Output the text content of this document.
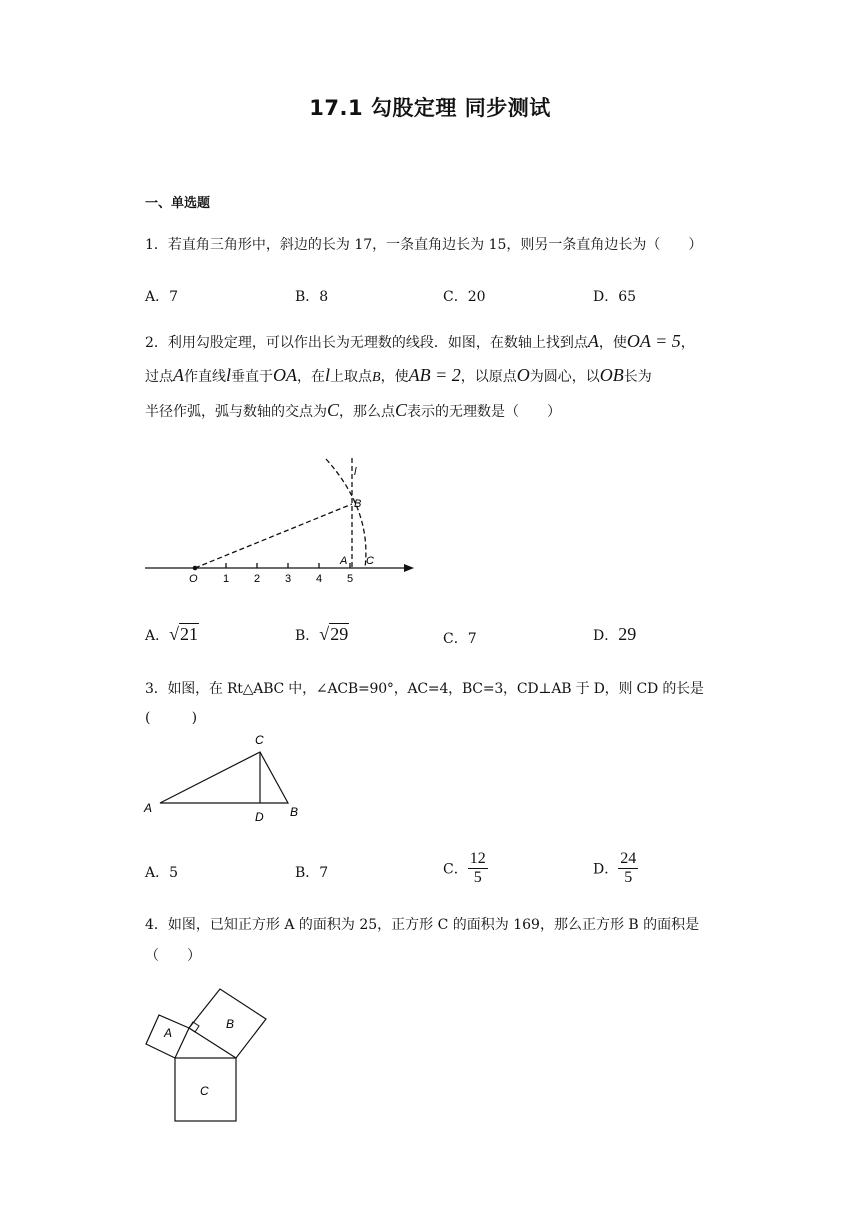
17.1 勾股定理 同步测试
一、单选题
1．若直角三角形中，斜边的长为 17，一条直角边长为 15，则另一条直角边长为（　　）
A．7	B．8	C．20	D．65
2．利用勾股定理，可以作出长为无理数的线段．如图，在数轴上找到点A，使OA = 5，
过点A作直线l垂直于OA，在l上取点B，使AB = 2，以原点O为圆心，以OB长为
半径作弧，弧与数轴的交点为C，那么点C表示的无理数是（　　）
O 1 2 3 4 5
A C
B
l
A．√21	B．√29	C．7	D．29
3．如图，在 Rt△ABC 中，∠ACB=90°，AC=4，BC=3，CD⊥AB 于 D，则 CD 的长是(　　　)
A
C
D B
A．5	B．7	C． $\frac{12}{5}$	D． $\frac{24}{5}$
4．如图，已知正方形 A 的面积为 25，正方形 C 的面积为 169，那么正方形 B 的面积是
（　　）
A
B
C
